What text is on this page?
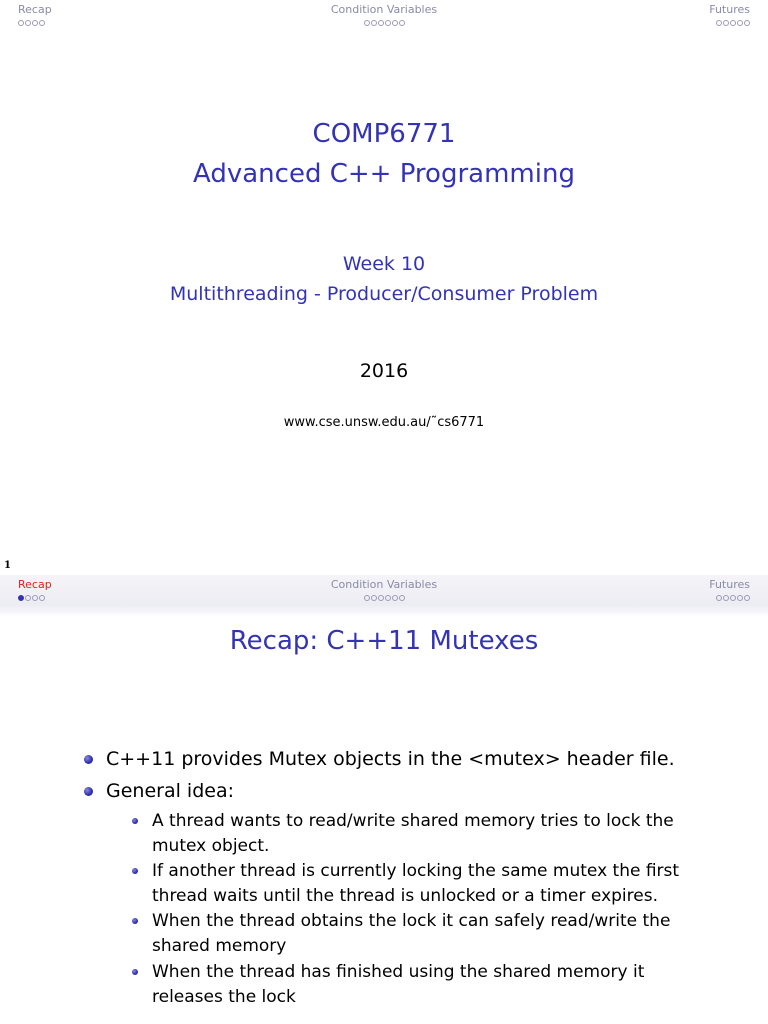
Recap	Condition Variables	Futures
COMP6771
Advanced C++ Programming
Week 10
Multithreading - Producer/Consumer Problem
2016
www.cse.unsw.edu.au/˜cs6771
1
Recap	Condition Variables	Futures
Recap: C++11 Mutexes
C++11 provides Mutex objects in the <mutex> header file.
General idea:
A thread wants to read/write shared memory tries to lock the mutex object.
If another thread is currently locking the same mutex the first thread waits until the thread is unlocked or a timer expires.
When the thread obtains the lock it can safely read/write the shared memory
When the thread has finished using the shared memory it releases the lock
